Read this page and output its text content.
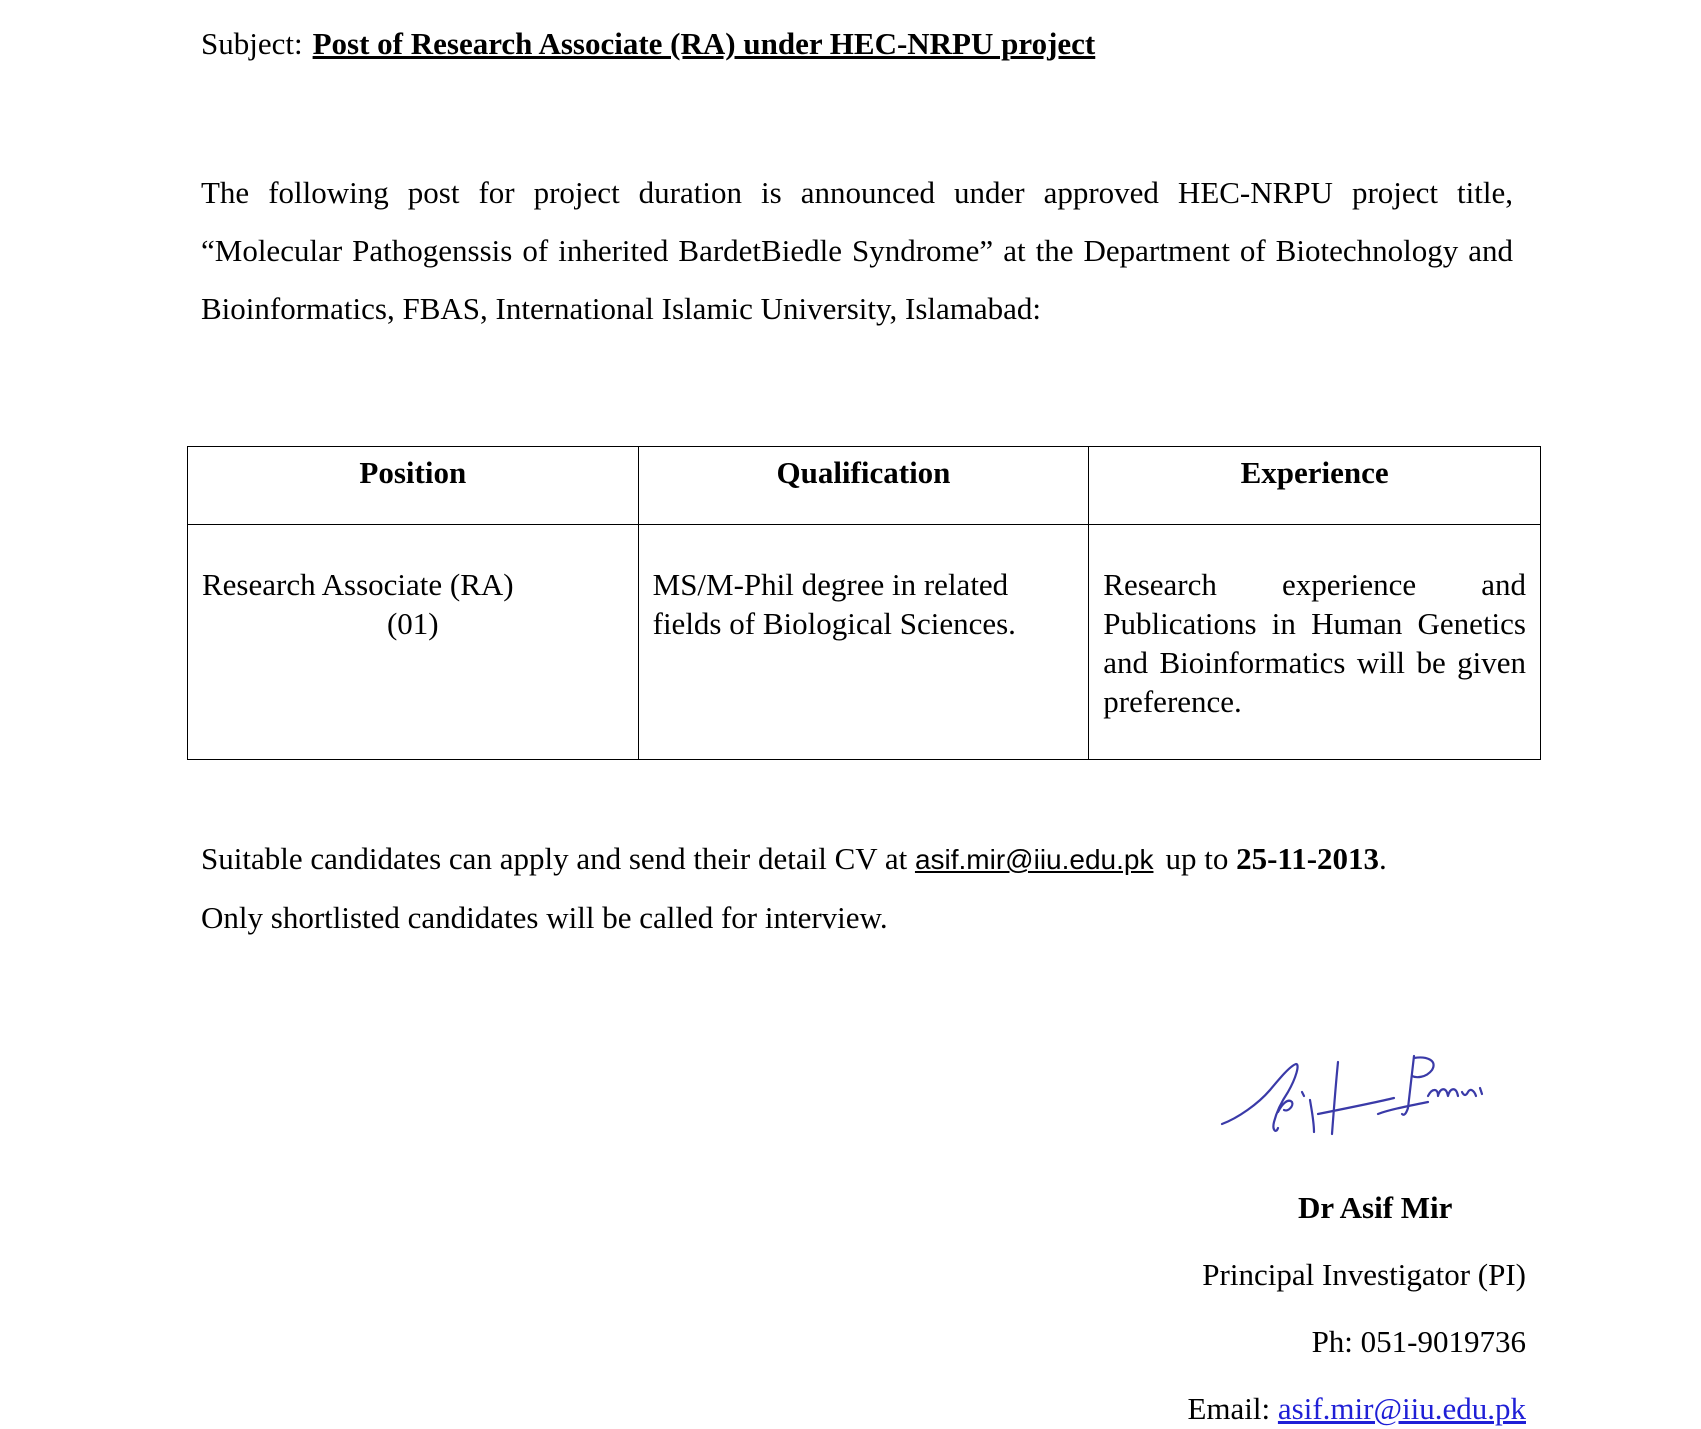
Subject: Post of Research Associate (RA) under HEC-NRPU project
The following post for project duration is announced under approved HEC-NRPU project title, “Molecular Pathogenssis of inherited BardetBiedle Syndrome” at the Department of Biotechnology and Bioinformatics, FBAS, International Islamic University, Islamabad:
Position	Qualification	Experience

Research Associate (RA)
(01)	MS/M-Phil degree in related fields of Biological Sciences.	Research experience and Publications in Human Genetics and Bioinformatics will be given preference.
Suitable candidates can apply and send their detail CV at asif.mir@iiu.edu.pk up to 25-11-2013.
Only shortlisted candidates will be called for interview.
Dr Asif Mir
Principal Investigator (PI)
Ph: 051-9019736
Email: asif.mir@iiu.edu.pk
